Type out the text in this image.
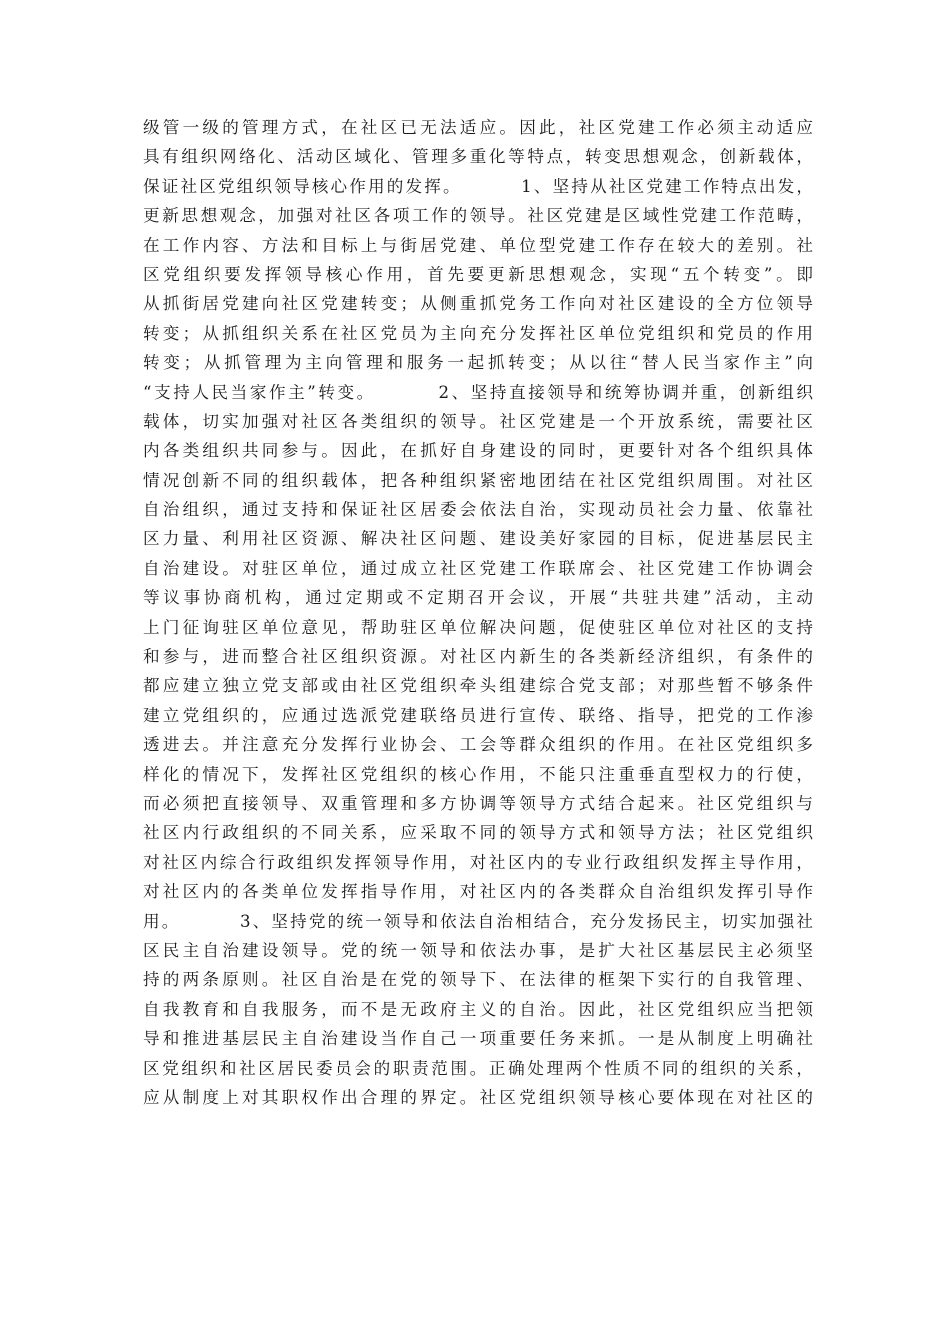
级管一级的管理方式，在社区已无法适应。因此，社区党建工作必须主动适应
具有组织网络化、活动区域化、管理多重化等特点，转变思想观念，创新载体，
保证社区党组织领导核心作用的发挥。        1、坚持从社区党建工作特点出发，
更新思想观念，加强对社区各项工作的领导。社区党建是区域性党建工作范畴，
在工作内容、方法和目标上与街居党建、单位型党建工作存在较大的差别。社
区党组织要发挥领导核心作用，首先要更新思想观念，实现“五个转变”。即
从抓街居党建向社区党建转变；从侧重抓党务工作向对社区建设的全方位领导
转变；从抓组织关系在社区党员为主向充分发挥社区单位党组织和党员的作用
转变；从抓管理为主向管理和服务一起抓转变；从以往“替人民当家作主”向
“支持人民当家作主”转变。        2、坚持直接领导和统筹协调并重，创新组织
载体，切实加强对社区各类组织的领导。社区党建是一个开放系统，需要社区
内各类组织共同参与。因此，在抓好自身建设的同时，更要针对各个组织具体
情况创新不同的组织载体，把各种组织紧密地团结在社区党组织周围。对社区
自治组织，通过支持和保证社区居委会依法自治，实现动员社会力量、依靠社
区力量、利用社区资源、解决社区问题、建设美好家园的目标，促进基层民主
自治建设。对驻区单位，通过成立社区党建工作联席会、社区党建工作协调会
等议事协商机构，通过定期或不定期召开会议，开展“共驻共建”活动，主动
上门征询驻区单位意见，帮助驻区单位解决问题，促使驻区单位对社区的支持
和参与，进而整合社区组织资源。对社区内新生的各类新经济组织，有条件的
都应建立独立党支部或由社区党组织牵头组建综合党支部；对那些暂不够条件
建立党组织的，应通过选派党建联络员进行宣传、联络、指导，把党的工作渗
透进去。并注意充分发挥行业协会、工会等群众组织的作用。在社区党组织多
样化的情况下，发挥社区党组织的核心作用，不能只注重垂直型权力的行使，
而必须把直接领导、双重管理和多方协调等领导方式结合起来。社区党组织与
社区内行政组织的不同关系，应采取不同的领导方式和领导方法；社区党组织
对社区内综合行政组织发挥领导作用，对社区内的专业行政组织发挥主导作用，
对社区内的各类单位发挥指导作用，对社区内的各类群众自治组织发挥引导作
用。        3、坚持党的统一领导和依法自治相结合，充分发扬民主，切实加强社
区民主自治建设领导。党的统一领导和依法办事，是扩大社区基层民主必须坚
持的两条原则。社区自治是在党的领导下、在法律的框架下实行的自我管理、
自我教育和自我服务，而不是无政府主义的自治。因此，社区党组织应当把领
导和推进基层民主自治建设当作自己一项重要任务来抓。一是从制度上明确社
区党组织和社区居民委员会的职责范围。正确处理两个性质不同的组织的关系，
应从制度上对其职权作出合理的界定。社区党组织领导核心要体现在对社区的
